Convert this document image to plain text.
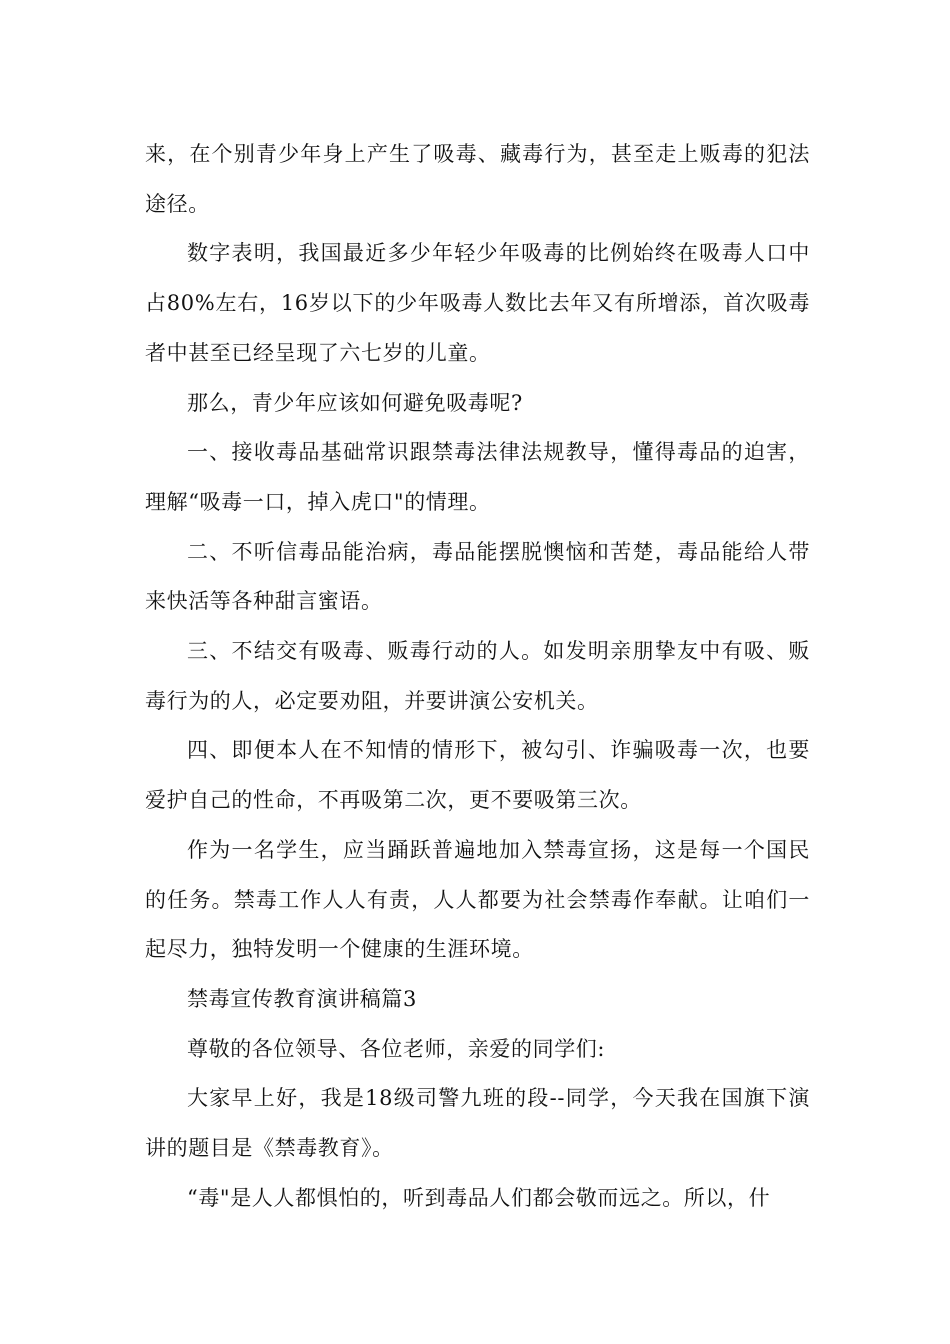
来，在个别青少年身上产生了吸毒、藏毒行为，甚至走上贩毒的犯法途径。

数字表明，我国最近多少年轻少年吸毒的比例始终在吸毒人口中占80%左右，16岁以下的少年吸毒人数比去年又有所增添，首次吸毒者中甚至已经呈现了六七岁的儿童。

那么，青少年应该如何避免吸毒呢?

一、接收毒品基础常识跟禁毒法律法规教导，懂得毒品的迫害，理解“吸毒一口，掉入虎口"的情理。

二、不听信毒品能治病，毒品能摆脱懊恼和苦楚，毒品能给人带来快活等各种甜言蜜语。

三、不结交有吸毒、贩毒行动的人。如发明亲朋挚友中有吸、贩毒行为的人，必定要劝阻，并要讲演公安机关。

四、即便本人在不知情的情形下，被勾引、诈骗吸毒一次，也要爱护自己的性命，不再吸第二次，更不要吸第三次。

作为一名学生，应当踊跃普遍地加入禁毒宣扬，这是每一个国民的任务。禁毒工作人人有责，人人都要为社会禁毒作奉献。让咱们一起尽力，独特发明一个健康的生涯环境。

禁毒宣传教育演讲稿篇3

尊敬的各位领导、各位老师，亲爱的同学们:

大家早上好，我是18级司警九班的段--同学，今天我在国旗下演讲的题目是《禁毒教育》。

“毒"是人人都惧怕的，听到毒品人们都会敬而远之。所以，什
